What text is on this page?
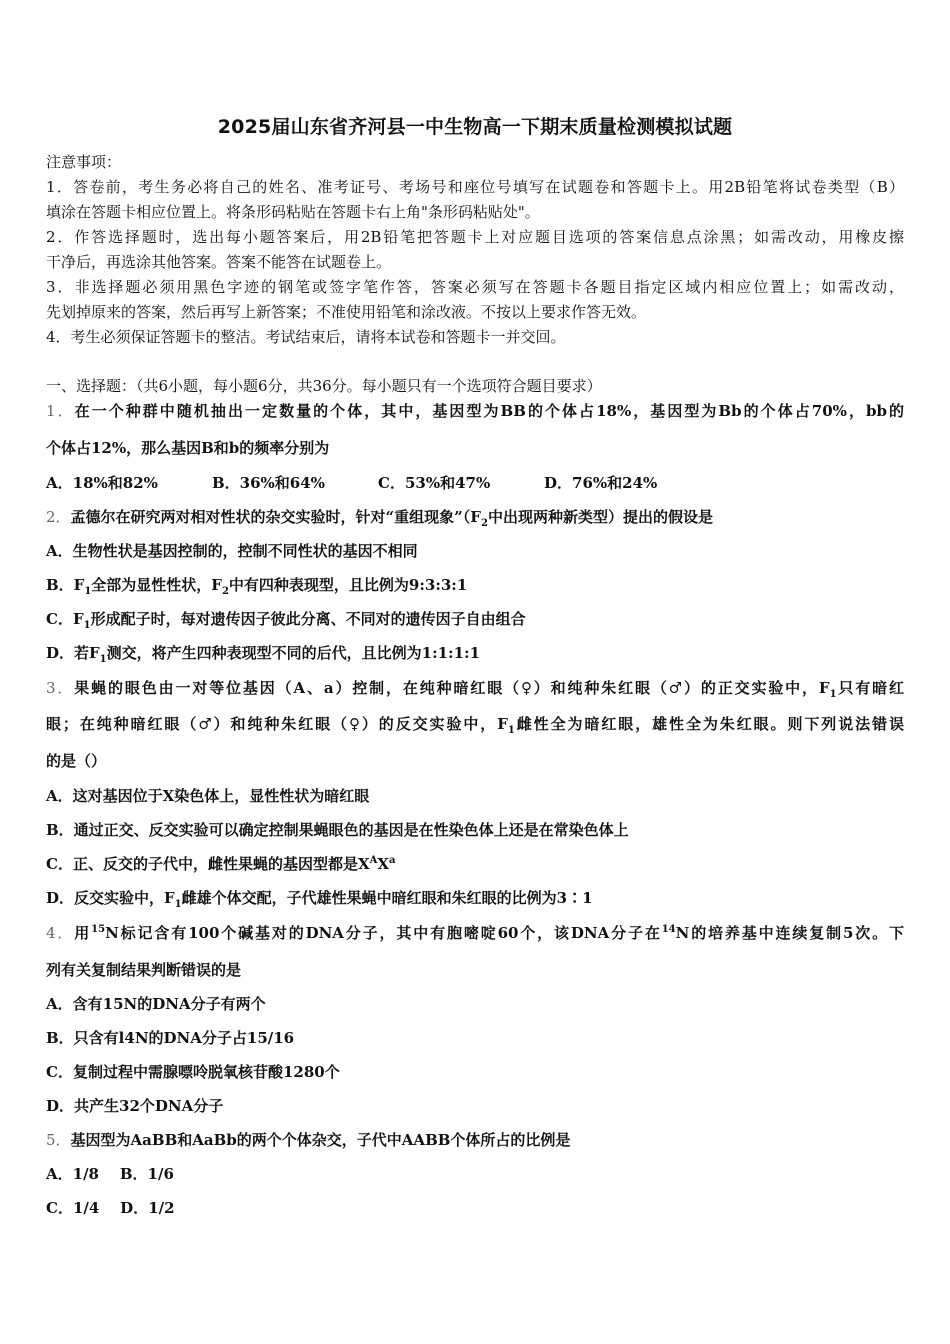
2025届山东省齐河县一中生物高一下期末质量检测模拟试题
注意事项：
1．答卷前，考生务必将自己的姓名、准考证号、考场号和座位号填写在试题卷和答题卡上。用2B铅笔将试卷类型（B）
填涂在答题卡相应位置上。将条形码粘贴在答题卡右上角"条形码粘贴处"。
2．作答选择题时，选出每小题答案后，用2B铅笔把答题卡上对应题目选项的答案信息点涂黑；如需改动，用橡皮擦
干净后，再选涂其他答案。答案不能答在试题卷上。
3．非选择题必须用黑色字迹的钢笔或签字笔作答，答案必须写在答题卡各题目指定区域内相应位置上；如需改动，
先划掉原来的答案，然后再写上新答案；不准使用铅笔和涂改液。不按以上要求作答无效。
4．考生必须保证答题卡的整洁。考试结束后，请将本试卷和答题卡一并交回。
一、选择题：（共6小题，每小题6分，共36分。每小题只有一个选项符合题目要求）
1．在一个种群中随机抽出一定数量的个体，其中，基因型为BB的个体占18%，基因型为Bb的个体占70%，bb的
个体占12%，那么基因B和b的频率分别为
A．18%和82%	B．36%和64%	C．53%和47%	D．76%和24%
2．孟德尔在研究两对相对性状的杂交实验时，针对“重组现象$”(F_2$中出现两种新类型）提出的假设是
A．生物性状是基因控制的，控制不同性状的基因不相同
B．$F_1$全部为显性性状，$F_2$中有四种表现型，且比例为9:3:3:1
C．$F_1$形成配子时，每对遗传因子彼此分离、不同对的遗传因子自由组合
D．若$F_1$测交，将产生四种表现型不同的后代，且比例为1:1:1:1
3．果蝇的眼色由一对等位基因（A、a）控制，在纯种暗红眼（♀）和纯种朱红眼（♂）的正交实验中，$F_1$只有暗红
眼；在纯种暗红眼（♂）和纯种朱红眼（♀）的反交实验中，$F_1$雌性全为暗红眼，雄性全为朱红眼。则下列说法错误
的是（）
A．这对基因位于X染色体上，显性性状为暗红眼
B．通过正交、反交实验可以确定控制果蝇眼色的基因是在性染色体上还是在常染色体上
C．正、反交的子代中，雌性果蝇的基因型都是$X^AX^a$
D．反交实验中，$F_1$雌雄个体交配，子代雄性果蝇中暗红眼和朱红眼的比例为3∶1
4．用$^{15}$N标记含有100个碱基对的DNA分子，其中有胞嘧啶60个，该DNA分子在$^{14}$N的培养基中连续复制5次。下
列有关复制结果判断错误的是
A．含有15N的DNA分子有两个
B．只含有l4N的DNA分子占15/16
C．复制过程中需腺嘌呤脱氧核苷酸1280个
D．共产生32个DNA分子
5．基因型为AaBB和AaBb的两个个体杂交，子代中AABB个体所占的比例是
A．1/8    B．1/6
C．1/4    D．1/2
